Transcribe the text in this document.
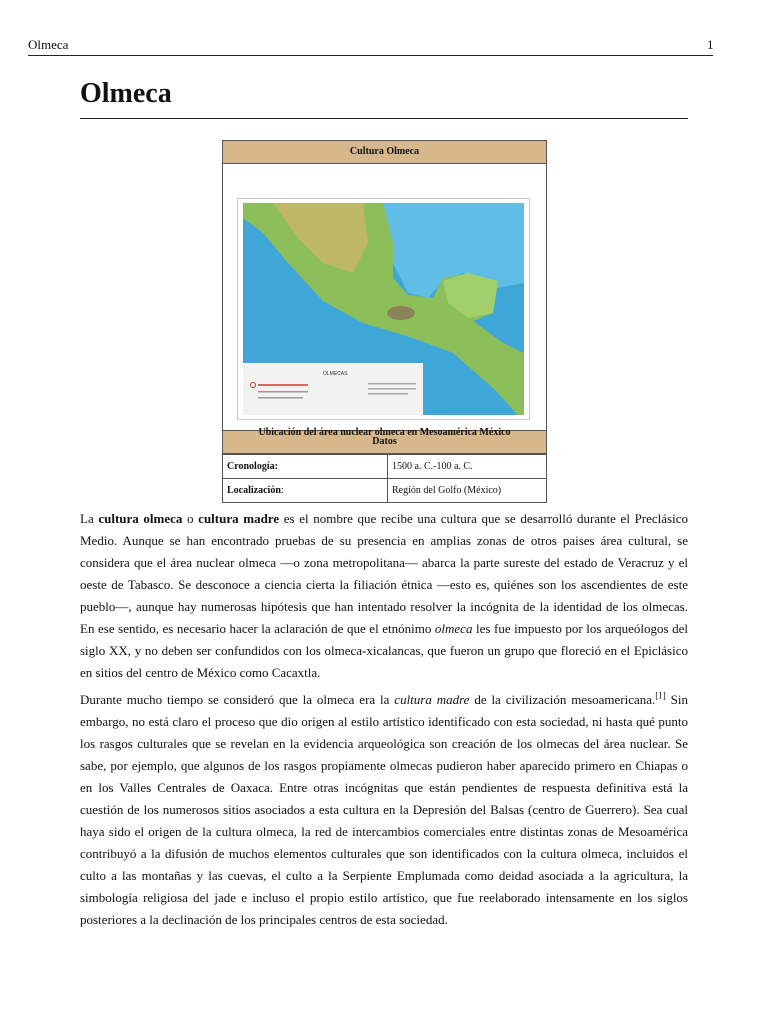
Olmeca	1
Olmeca
Cultura Olmeca
OLMECAS
Ubicación del área nuclear olmeca en Mesoamérica México
Datos
Cronología:	1500 a. C.-100 a. C.
Localización:	Región del Golfo (México)

La cultura olmeca o cultura madre es el nombre que recibe una cultura que se desarrolló durante el Preclásico Medio. Aunque se han encontrado pruebas de su presencia en amplias zonas de otros paises área cultural, se considera que el área nuclear olmeca —o zona metropolitana— abarca la parte sureste del estado de Veracruz y el oeste de Tabasco. Se desconoce a ciencia cierta la filiación étnica —esto es, quiénes son los ascendientes de este pueblo—, aunque hay numerosas hipótesis que han intentado resolver la incógnita de la identidad de los olmecas. En ese sentido, es necesario hacer la aclaración de que el etnónimo olmeca les fue impuesto por los arqueólogos del siglo XX, y no deben ser confundidos con los olmeca-xicalancas, que fueron un grupo que floreció en el Epiclásico en sitios del centro de México como Cacaxtla.

Durante mucho tiempo se consideró que la olmeca era la cultura madre de la civilización mesoamericana.[1] Sin embargo, no está claro el proceso que dio origen al estilo artístico identificado con esta sociedad, ni hasta qué punto los rasgos culturales que se revelan en la evidencia arqueológica son creación de los olmecas del área nuclear. Se sabe, por ejemplo, que algunos de los rasgos propiamente olmecas pudieron haber aparecido primero en Chiapas o en los Valles Centrales de Oaxaca. Entre otras incógnitas que están pendientes de respuesta definitiva está la cuestión de los numerosos sitios asociados a esta cultura en la Depresión del Balsas (centro de Guerrero). Sea cual haya sido el origen de la cultura olmeca, la red de intercambios comerciales entre distintas zonas de Mesoamérica contribuyó a la difusión de muchos elementos culturales que son identificados con la cultura olmeca, incluidos el culto a las montañas y las cuevas, el culto a la Serpiente Emplumada como deidad asociada a la agricultura, la simbología religiosa del jade e incluso el propio estilo artístico, que fue reelaborado intensamente en los siglos posteriores a la declinación de los principales centros de esta sociedad.
